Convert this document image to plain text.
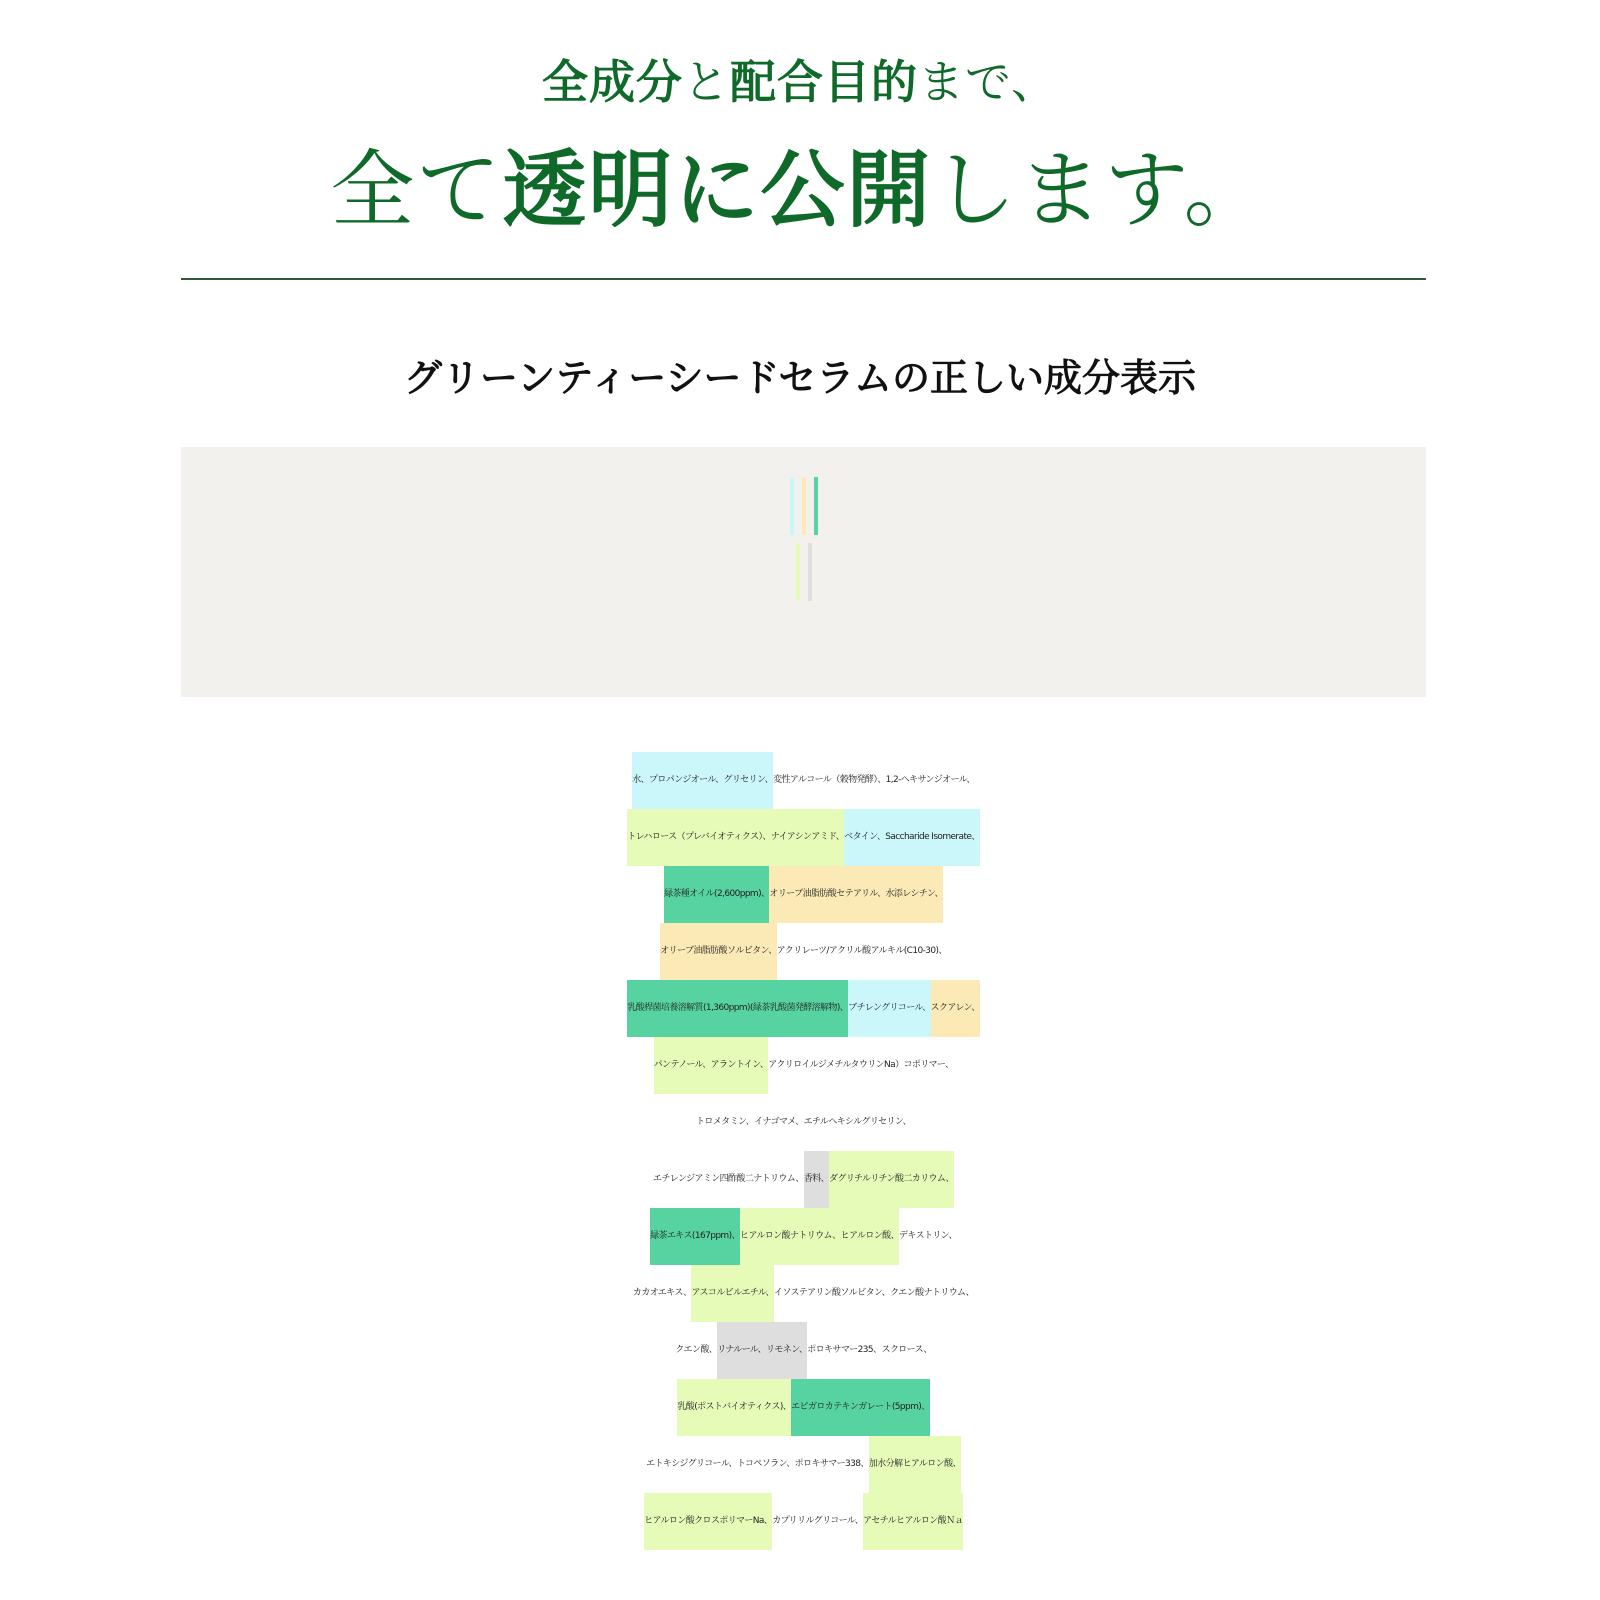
全成分と配合目的まで、
全て透明に公開します。
グリーンティーシードセラムの正しい成分表示
水、プロパンジオール、グリセリン、変性アルコール（穀物発酵）、1,2-ヘキサンジオール、
トレハロース（プレバイオティクス）、ナイアシンアミド、ベタイン、Saccharide Isomerate、
緑茶種オイル(2,600ppm)、オリーブ油脂肪酸セテアリル、水添レシチン、
オリーブ油脂肪酸ソルビタン、アクリレーツ/アクリル酸アルキル(C10-30)、
乳酸桿菌培養溶解質(1,360ppm)(緑茶乳酸菌発酵溶解物)、ブチレングリコール、スクアレン、
パンテノール、アラントイン、アクリロイルジメチルタウリンNa）コポリマー、
トロメタミン、イナゴマメ、エチルヘキシルグリセリン、
エチレンジアミン四酢酸二ナトリウム、香料、ダグリチルリチン酸二カリウム、
緑茶エキス(167ppm)、ヒアルロン酸ナトリウム、ヒアルロン酸、デキストリン、
カカオエキス、アスコルビルエチル、イソステアリン酸ソルビタン、クエン酸ナトリウム、
クエン酸、リナルール、リモネン、ポロキサマー235、スクロース、
乳酸(ポストバイオティクス)、エピガロカテキンガレート(5ppm)、
エトキシジグリコール、トコペソラン、ポロキサマー338、加水分解ヒアルロン酸、
ヒアルロン酸クロスポリマーNa、カプリリルグリコール、アセチルヒアルロン酸Ｎａ
